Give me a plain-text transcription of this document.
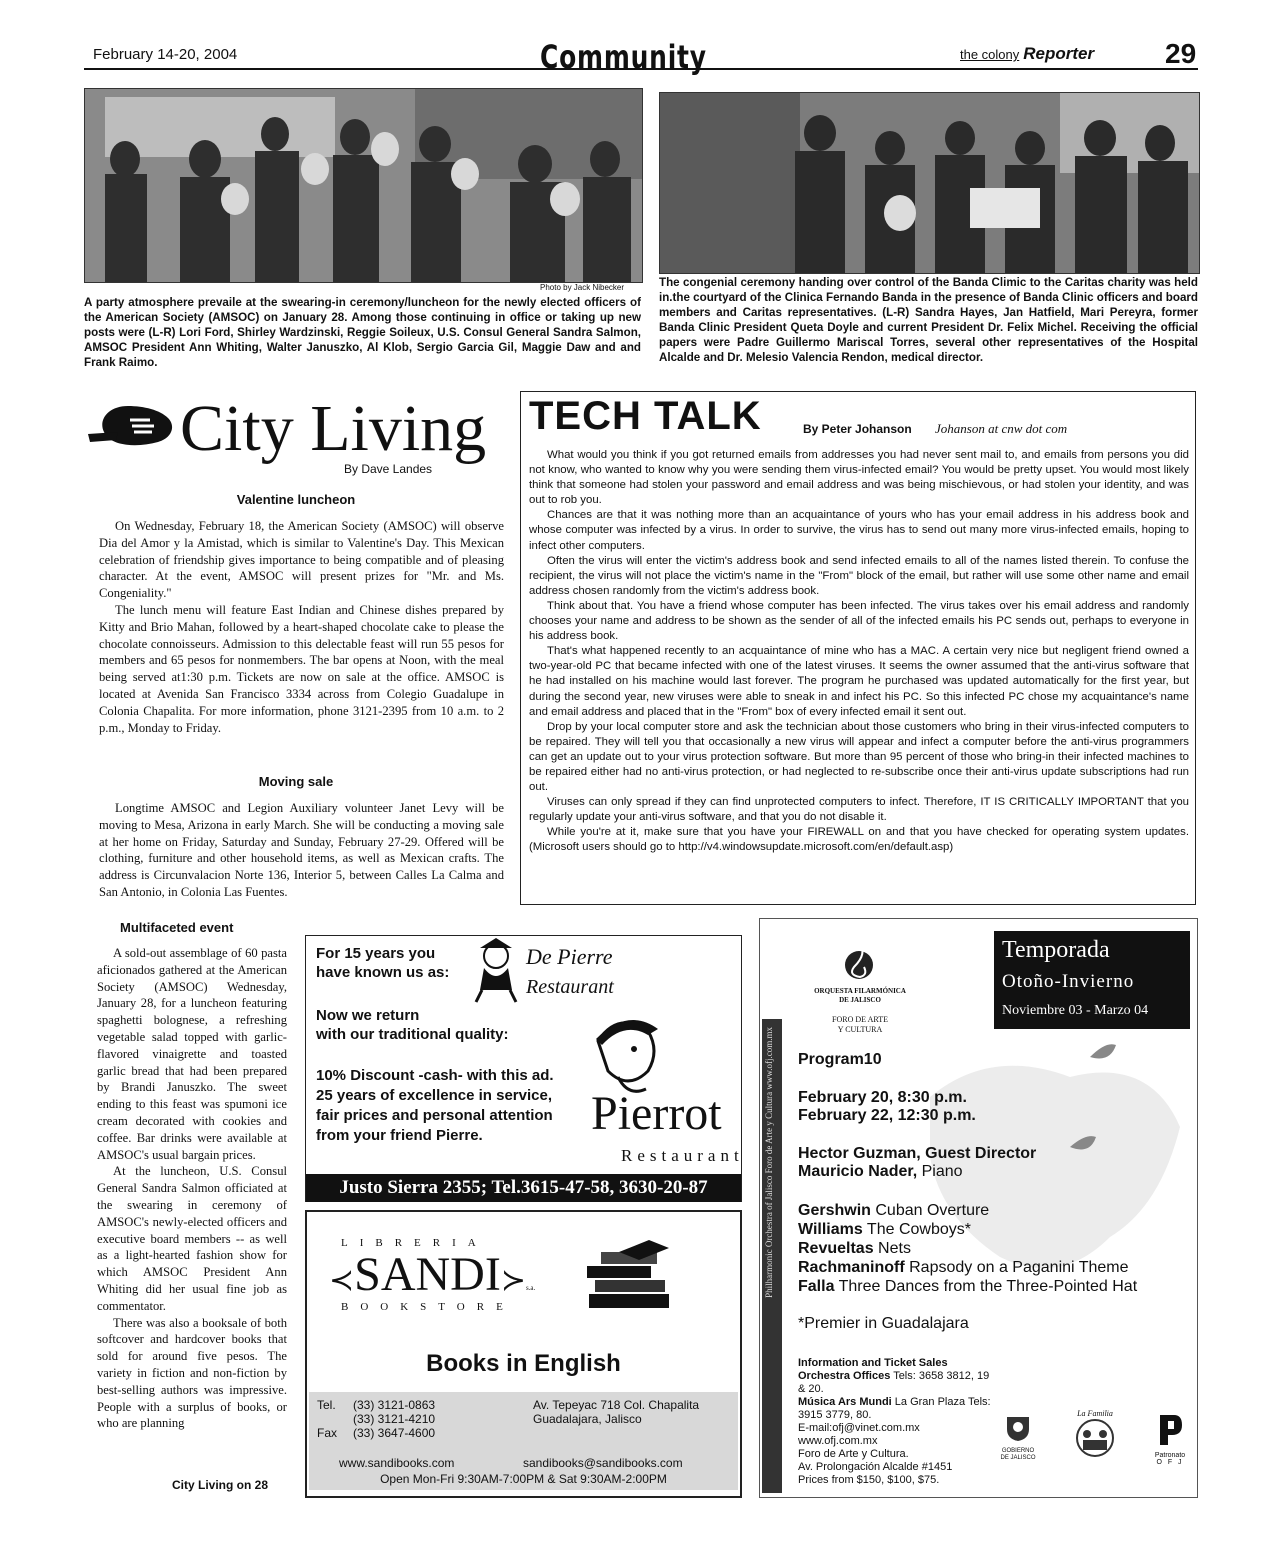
February 14-20, 2004	Community	the colony Reporter	29
Photo by Jack Nibecker
A party atmosphere prevaile at the swearing-in ceremony/luncheon for the newly elected officers of the American Society (AMSOC) on January 28. Among those continuing in office or taking up new posts were (L-R) Lori Ford, Shirley Wardzinski, Reggie Soileux, U.S. Consul General Sandra Salmon, AMSOC President Ann Whiting, Walter Januszko, Al Klob, Sergio Garcia Gil, Maggie Daw and and Frank Raimo.
The congenial ceremony handing over control of the Banda Climic to the Caritas charity was held in.the courtyard of the Clinica Fernando Banda in the presence of Banda Clinic officers and board members and Caritas representatives. (L-R) Sandra Hayes, Jan Hatfield, Mari Pereyra, former Banda Clinic President Queta Doyle and current President Dr. Felix Michel. Receiving the official papers were Padre Guillermo Mariscal Torres, several other representatives of the Hospital Alcalde and Dr. Melesio Valencia Rendon, medical director.
City Living
By Dave Landes
Valentine luncheon

On Wednesday, February 18, the American Society (AMSOC) will observe Dia del Amor y la Amistad, which is similar to Valentine's Day. This Mexican celebration of friendship gives importance to being compatible and of pleasing character. At the event, AMSOC will present prizes for "Mr. and Ms. Congeniality."

The lunch menu will feature East Indian and Chinese dishes prepared by Kitty and Brio Mahan, followed by a heart-shaped chocolate cake to please the chocolate connoisseurs. Admission to this delectable feast will run 55 pesos for members and 65 pesos for nonmembers. The bar opens at Noon, with the meal being served at1:30 p.m. Tickets are now on sale at the office. AMSOC is located at Avenida San Francisco 3334 across from Colegio Guadalupe in Colonia Chapalita. For more information, phone 3121-2395 from 10 a.m. to 2 p.m., Monday to Friday.

Moving sale

Longtime AMSOC and Legion Auxiliary volunteer Janet Levy will be moving to Mesa, Arizona in early March. She will be conducting a moving sale at her home on Friday, Saturday and Sunday, February 27-29. Offered will be clothing, furniture and other household items, as well as Mexican crafts. The address is Circunvalacion Norte 136, Interior 5, between Calles La Calma and San Antonio, in Colonia Las Fuentes.

Multifaceted event

A sold-out assemblage of 60 pasta aficionados gathered at the American Society (AMSOC) Wednesday, January 28, for a luncheon featuring spaghetti bolognese, a refreshing vegetable salad topped with garlic-flavored vinaigrette and toasted garlic bread that had been prepared by Brandi Januszko. The sweet ending to this feast was spumoni ice cream decorated with cookies and coffee. Bar drinks were available at AMSOC's usual bargain prices.

At the luncheon, U.S. Consul General Sandra Salmon officiated at the swearing in ceremony of AMSOC's newly-elected officers and executive board members -- as well as a light-hearted fashion show for which AMSOC President Ann Whiting did her usual fine job as commentator.

There was also a booksale of both softcover and hardcover books that sold for around five pesos. The variety in fiction and non-fiction by best-selling authors was impressive. People with a surplus of books, or who are planning

City Living on 28
TECH TALK	By Peter Johanson Johanson at cnw dot com

What would you think if you got returned emails from addresses you had never sent mail to, and emails from persons you did not know, who wanted to know why you were sending them virus-infected email? You would be pretty upset. You would most likely think that someone had stolen your password and email address and was being mischievous, or had stolen your identity, and was out to rob you.

Chances are that it was nothing more than an acquaintance of yours who has your email address in his address book and whose computer was infected by a virus. In order to survive, the virus has to send out many more virus-infected emails, hoping to infect other computers.

Often the virus will enter the victim's address book and send infected emails to all of the names listed therein. To confuse the recipient, the virus will not place the victim's name in the "From" block of the email, but rather will use some other name and email address chosen randomly from the victim's address book.

Think about that. You have a friend whose computer has been infected. The virus takes over his email address and randomly chooses your name and address to be shown as the sender of all of the infected emails his PC sends out, perhaps to everyone in his address book.

That's what happened recently to an acquaintance of mine who has a MAC. A certain very nice but negligent friend owned a two-year-old PC that became infected with one of the latest viruses. It seems the owner assumed that the anti-virus software that he had installed on his machine would last forever. The program he purchased was updated automatically for the first year, but during the second year, new viruses were able to sneak in and infect his PC. So this infected PC chose my acquaintance's name and email address and placed that in the "From" box of every infected email it sent out.

Drop by your local computer store and ask the technician about those customers who bring in their virus-infected computers to be repaired. They will tell you that occasionally a new virus will appear and infect a computer before the anti-virus programmers can get an update out to your virus protection software. But more than 95 percent of those who bring-in their infected machines to be repaired either had no anti-virus protection, or had neglected to re-subscribe once their anti-virus update subscriptions had run out.

Viruses can only spread if they can find unprotected computers to infect. Therefore, IT IS CRITICALLY IMPORTANT that you regularly update your anti-virus software, and that you do not disable it.

While you're at it, make sure that you have your FIREWALL on and that you have checked for operating system updates. (Microsoft users should go to http://v4.windowsupdate.microsoft.com/en/default.asp)

For 15 years you
have known us as:
De Pierre
Restaurant
Now we return
with our traditional quality:
10% Discount -cash- with this ad.
25 years of excellence in service,
fair prices and personal attention
from your friend Pierre. Pierrot
Restaurant
Justo Sierra 2355; Tel.3615-47-58, 3630-20-87
LIBRERIA
≺SANDI≻s.a.
BOOKSTORE
Books in English
Tel. (33) 3121-0863
(33) 3121-4210
Fax (33) 3647-4600
Av. Tepeyac 718 Col. Chapalita
Guadalajara, Jalisco
www.sandibooks.com	sandibooks@sandibooks.com
Open Mon-Fri 9:30AM-7:00PM & Sat 9:30AM-2:00PM
Philharmonic Orchestra of Jalisco Foro de Arte y Cultura www.ofj.com.mx
ORQUESTA FILARMÓNICA
DE JALISCO
FORO DE ARTE
Y CULTURA
Temporada
Otoño-Invierno
Noviembre 03 - Marzo 04
Program10
February 20, 8:30 p.m.
February 22, 12:30 p.m.
Hector Guzman, Guest Director
Mauricio Nader, Piano
Gershwin Cuban Overture
Williams The Cowboys*
Revueltas Nets
Rachmaninoff Rapsody on a Paganini Theme
Falla Three Dances from the Three-Pointed Hat
*Premier in Guadalajara
Information and Ticket Sales
Orchestra Offices Tels: 3658 3812, 19 & 20.
Música Ars Mundi La Gran Plaza Tels: 3915 3779, 80.
E-mail:ofj@vinet.com.mx
www.ofj.com.mx
Foro de Arte y Cultura.
Av. Prolongación Alcalde #1451
Prices from $150, $100, $75.
GOBIERNO
DE JALISCO
La Familia
Patronato
O F J
